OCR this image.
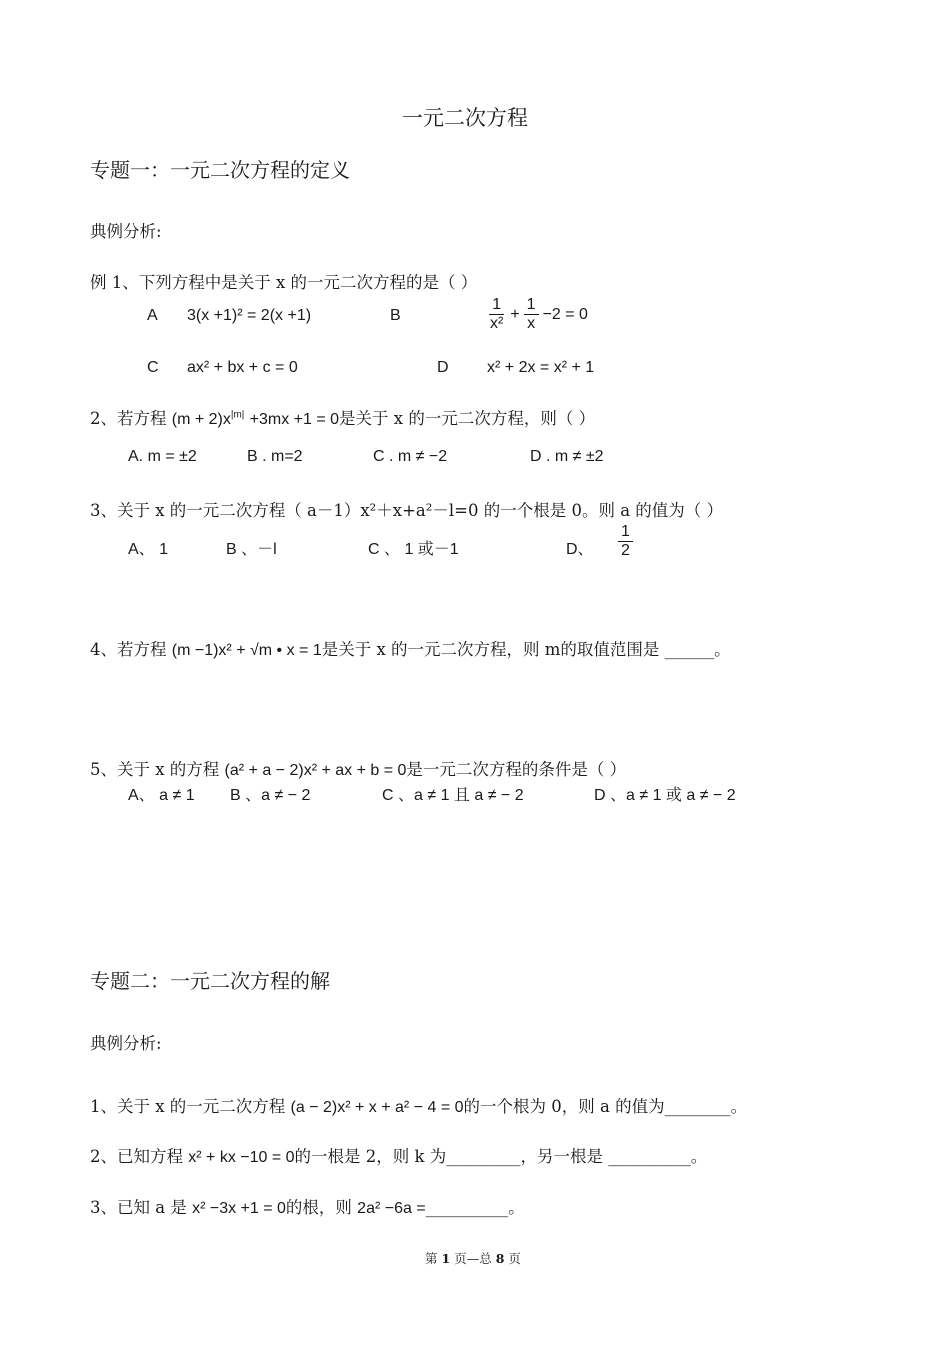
一元二次方程
专题一：一元二次方程的定义
典例分析:
例 1、下列方程中是关于 x 的一元二次方程的是（ ）
A 3(x +1)² = 2(x +1)	B	$\frac{1}{\text{x²}} + \frac{1}{x} -2 = 0$
C ax² + bx + c = 0	D x² + 2x = x² + 1
2、若方程 $(m + 2)x^{|m|} +3mx +1 = 0$是关于 x 的一元二次方程，则（ ）
A. m = ±2	B . m=2	C . m ≠ −2	D . m ≠ ±2
3、关于 x 的一元二次方程（ a－1）x²＋x+a²－l=0 的一个根是 0。则 a 的值为（ ）
A、 1	B 、－l	C 、 1 或－1	D、 $\frac{1}{2}$
4、若方程 (m −1)x² + √m • x = 1是关于 x 的一元二次方程，则 m的取值范围是 ______。
5、关于 x 的方程 (a² + a − 2)x² + ax + b = 0是一元二次方程的条件是（ ）
A、 a ≠ 1 B 、a ≠ − 2	C 、a ≠ 1 且 a ≠ − 2	D 、a ≠ 1 或 a ≠ − 2
专题二：一元二次方程的解
典例分析:
1、关于 x 的一元二次方程 (a − 2)x² + x + a² − 4 = 0的一个根为 0，则 a 的值为________。
2、已知方程 x² + kx −10 = 0的一根是 2，则 k 为_________，另一根是 __________。
3、已知 a 是 x² −3x +1 = 0的根，则 2a² −6a =__________。
第 1 页—总 8 页
